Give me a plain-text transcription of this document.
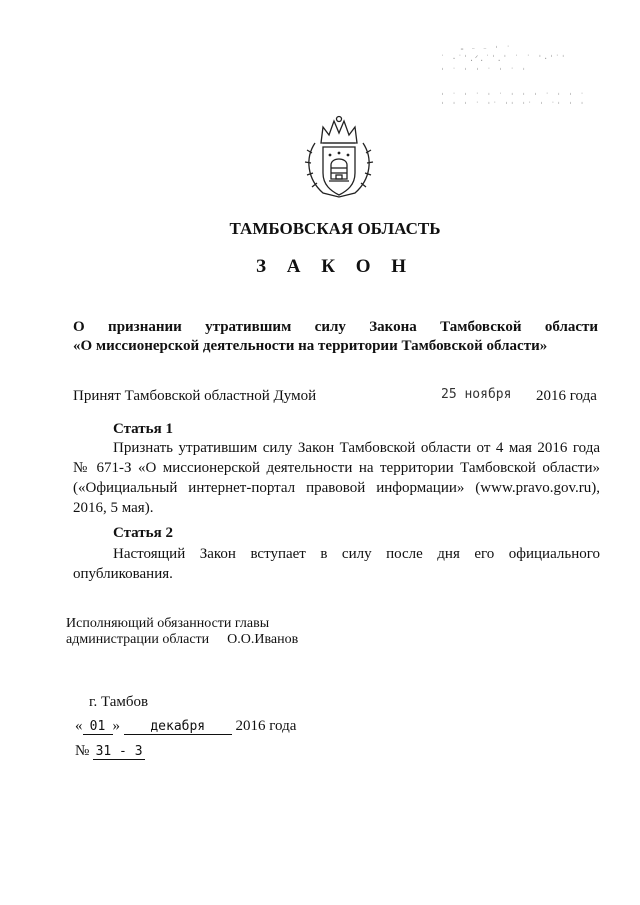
⁃ ⁻ ⁻ ˈ ˙
˙ ·˙ˈ.ᐟ.˙ˈ.ˈ ˙ ˙ ˈ·ˈ˙ˈ
ˈ ˙ ˈ ˈ ˙ ˈ ˙ ˈ
ˈ ˙ ˈ ˙ ˈ ˙ ˈ ˈ ˈ ˙ ˈ ˈ ˙
ˈ ˈ ˈ ˙ ˈ˙ ˈˈ ˈ˙ ˈ ˙ˈ ˈ ˈ
ТАМБОВСКАЯ ОБЛАСТЬ
З А К О Н
О признании утратившим силу Закона Тамбовской области
«О миссионерской деятельности на территории Тамбовской области»
Принят Тамбовской областной Думой	25 ноября 2016 года
Статья 1
Признать утратившим силу Закон Тамбовской области от 4 мая 2016 года № 671-З «О миссионерской деятельности на территории Тамбовской области» («Официальный интернет-портал правовой информации» (www.pravo.gov.ru), 2016, 5 мая).
Статья 2
Настоящий Закон вступает в силу после дня его официального опубликования.
Исполняющий обязанности главы
администрации области О.О.Иванов
г. Тамбов
« 01 » декабря 2016 года
№ 31 - 3
